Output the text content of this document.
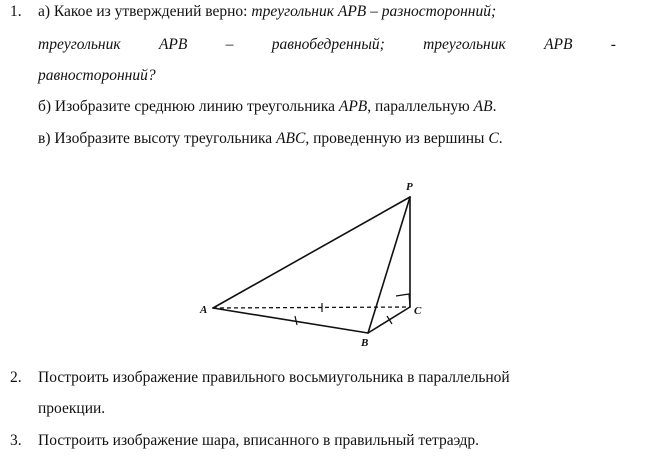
1. а) Какое из утверждений верно: треугольник APB – разносторонний;
треугольник APB – равнобедренный; треугольник APB -
равносторонний?
б) Изобразите среднюю линию треугольника APB, параллельную AB.
в) Изобразите высоту треугольника ABC, проведенную из вершины C.
A
B
C
P
2. Построить изображение правильного восьмиугольника в параллельной
проекции.
3. Построить изображение шара, вписанного в правильный тетраэдр.
